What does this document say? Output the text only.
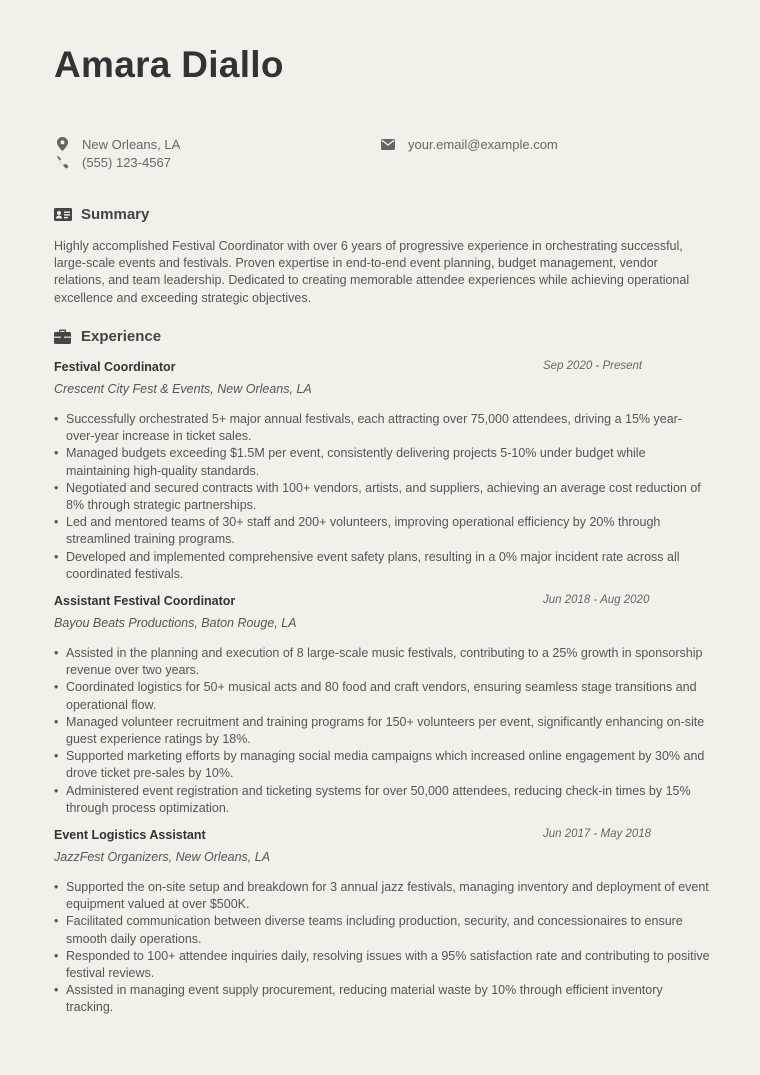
Amara Diallo
New Orleans, LA
(555) 123-4567
your.email@example.com
Summary

Highly accomplished Festival Coordinator with over 6 years of progressive experience in orchestrating successful, large-scale events and festivals. Proven expertise in end-to-end event planning, budget management, vendor relations, and team leadership. Dedicated to creating memorable attendee experiences while achieving operational excellence and exceeding strategic objectives.

Experience
Festival Coordinator	Sep 2020 - Present
Crescent City Fest & Events, New Orleans, LA
• Successfully orchestrated 5+ major annual festivals, each attracting over 75,000 attendees, driving a 15% year-over-year increase in ticket sales.
• Managed budgets exceeding $1.5M per event, consistently delivering projects 5-10% under budget while maintaining high-quality standards.
• Negotiated and secured contracts with 100+ vendors, artists, and suppliers, achieving an average cost reduction of 8% through strategic partnerships.
• Led and mentored teams of 30+ staff and 200+ volunteers, improving operational efficiency by 20% through streamlined training programs.
• Developed and implemented comprehensive event safety plans, resulting in a 0% major incident rate across all coordinated festivals.
Assistant Festival Coordinator	Jun 2018 - Aug 2020
Bayou Beats Productions, Baton Rouge, LA
• Assisted in the planning and execution of 8 large-scale music festivals, contributing to a 25% growth in sponsorship revenue over two years.
• Coordinated logistics for 50+ musical acts and 80 food and craft vendors, ensuring seamless stage transitions and operational flow.
• Managed volunteer recruitment and training programs for 150+ volunteers per event, significantly enhancing on-site guest experience ratings by 18%.
• Supported marketing efforts by managing social media campaigns which increased online engagement by 30% and drove ticket pre-sales by 10%.
• Administered event registration and ticketing systems for over 50,000 attendees, reducing check-in times by 15% through process optimization.
Event Logistics Assistant	Jun 2017 - May 2018
JazzFest Organizers, New Orleans, LA
• Supported the on-site setup and breakdown for 3 annual jazz festivals, managing inventory and deployment of event equipment valued at over $500K.
• Facilitated communication between diverse teams including production, security, and concessionaires to ensure smooth daily operations.
• Responded to 100+ attendee inquiries daily, resolving issues with a 95% satisfaction rate and contributing to positive festival reviews.
• Assisted in managing event supply procurement, reducing material waste by 10% through efficient inventory tracking.
